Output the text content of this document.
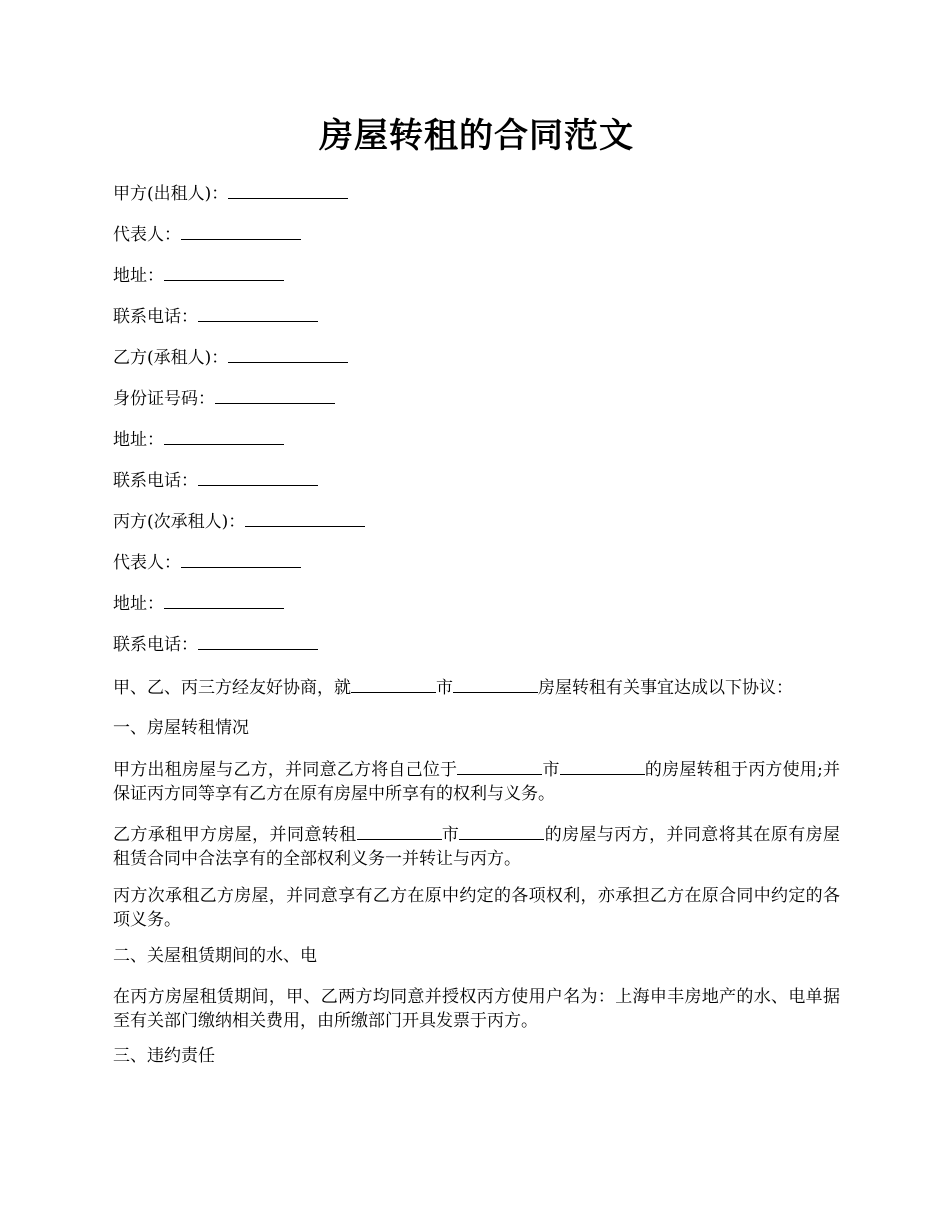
房屋转租的合同范文
甲方(出租人)：
代表人：
地址：
联系电话：
乙方(承租人)：
身份证号码：
地址：
联系电话：
丙方(次承租人)：
代表人：
地址：
联系电话：
甲、乙、丙三方经友好协商，就	市	房屋转租有关事宜达成以下协议：
一、房屋转租情况
甲方出租房屋与乙方，并同意乙方将自己位于	市	的房屋转租于丙方使用;并保证丙方同等享有乙方在原有房屋中所享有的权利与义务。
乙方承租甲方房屋，并同意转租	市	的房屋与丙方，并同意将其在原有房屋租赁合同中合法享有的全部权利义务一并转让与丙方。
丙方次承租乙方房屋，并同意享有乙方在原中约定的各项权利，亦承担乙方在原合同中约定的各项义务。
二、关屋租赁期间的水、电
在丙方房屋租赁期间，甲、乙两方均同意并授权丙方使用户名为：上海申丰房地产的水、电单据至有关部门缴纳相关费用，由所缴部门开具发票于丙方。
三、违约责任
